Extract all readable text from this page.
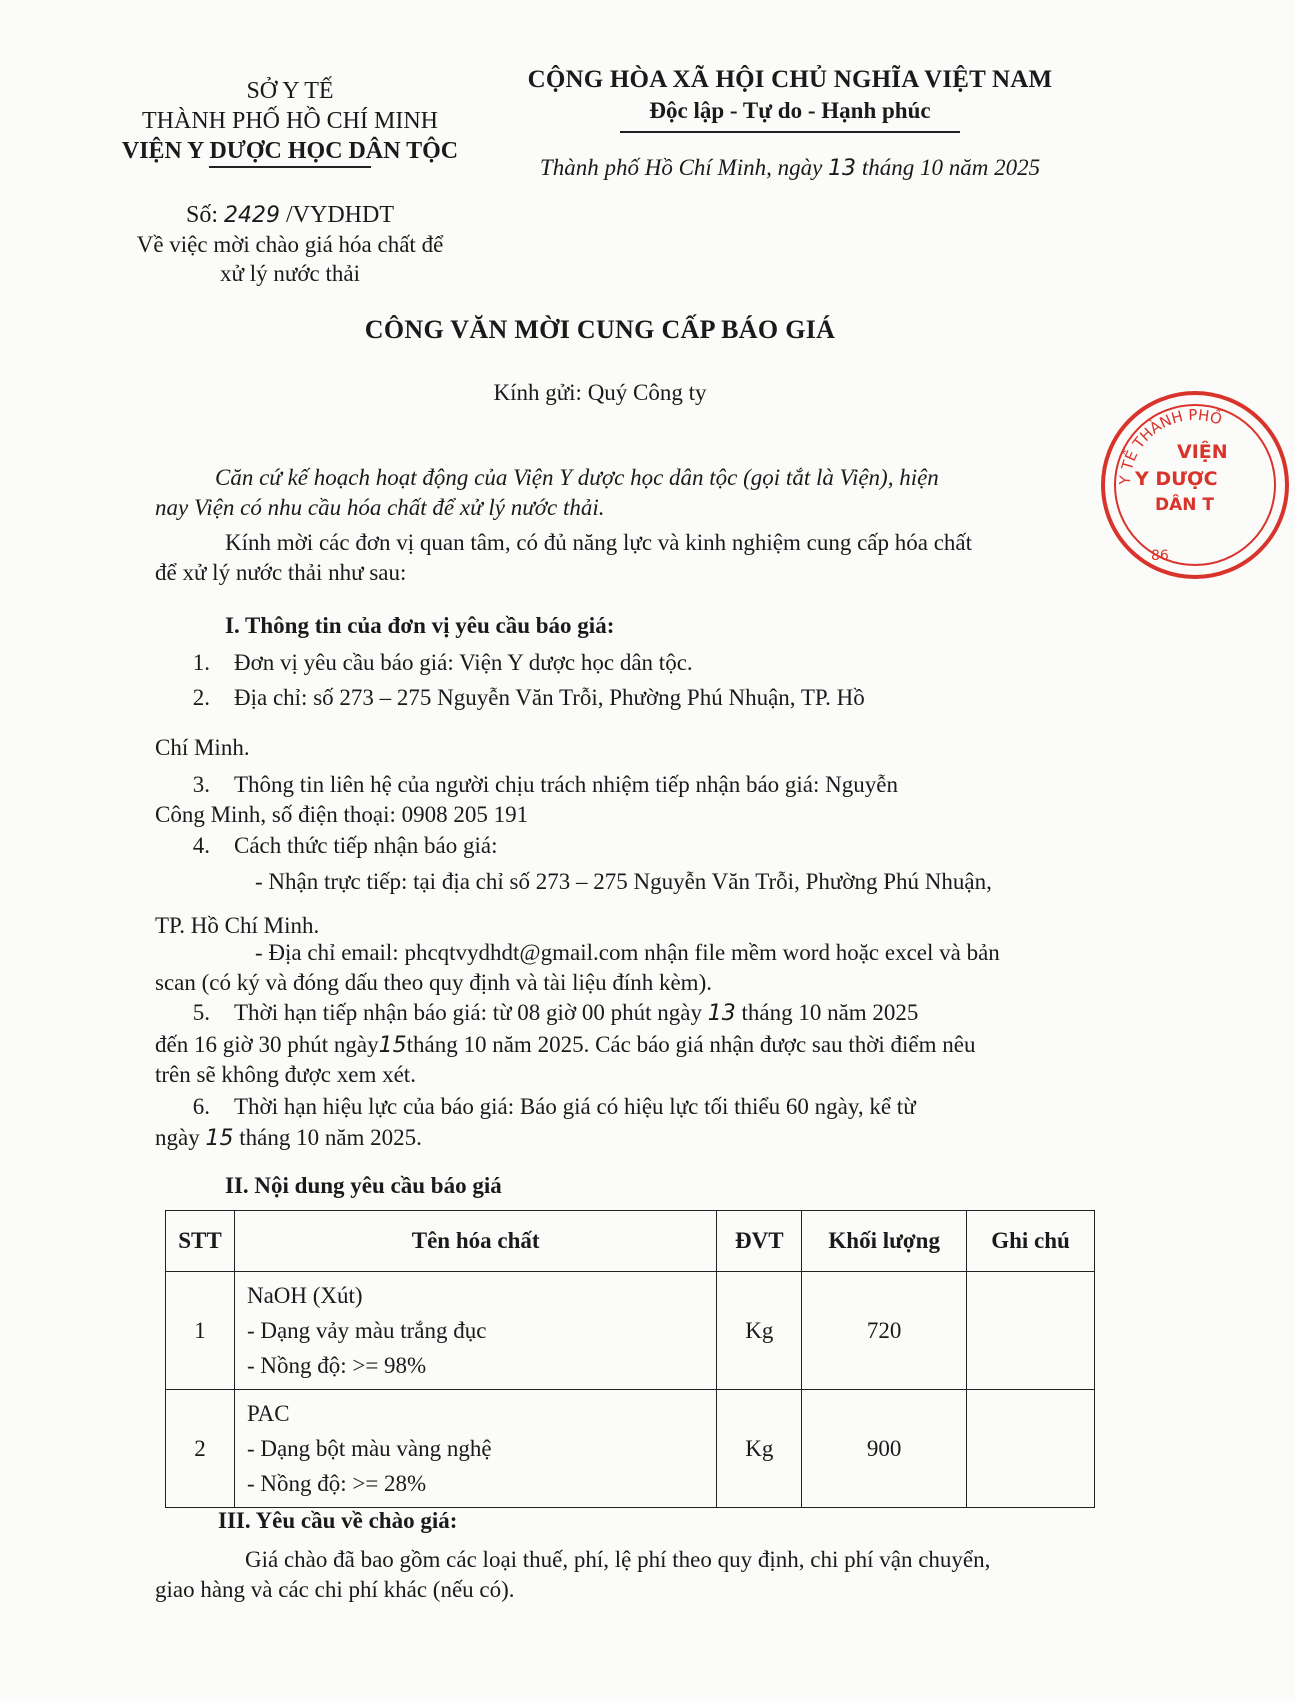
SỞ Y TẾ
THÀNH PHỐ HỒ CHÍ MINH
VIỆN Y DƯỢC HỌC DÂN TỘC
CỘNG HÒA XÃ HỘI CHỦ NGHĨA VIỆT NAM
Độc lập - Tự do - Hạnh phúc
Thành phố Hồ Chí Minh, ngày 13 tháng 10 năm 2025
Số: 2429 /VYDHDT
Về việc mời chào giá hóa chất để
xử lý nước thải
CÔNG VĂN MỜI CUNG CẤP BÁO GIÁ
Kính gửi: Quý Công ty
Căn cứ kế hoạch hoạt động của Viện Y dược học dân tộc (gọi tắt là Viện), hiện
nay Viện có nhu cầu hóa chất để xử lý nước thải.
Kính mời các đơn vị quan tâm, có đủ năng lực và kinh nghiệm cung cấp hóa chất
để xử lý nước thải như sau:
I. Thông tin của đơn vị yêu cầu báo giá:
1. Đơn vị yêu cầu báo giá: Viện Y dược học dân tộc.
2. Địa chỉ: số 273 – 275 Nguyễn Văn Trỗi, Phường Phú Nhuận, TP. Hồ
Chí Minh.
3. Thông tin liên hệ của người chịu trách nhiệm tiếp nhận báo giá: Nguyễn
Công Minh, số điện thoại: 0908 205 191
4. Cách thức tiếp nhận báo giá:
- Nhận trực tiếp: tại địa chỉ số 273 – 275 Nguyễn Văn Trỗi, Phường Phú Nhuận,
TP. Hồ Chí Minh.
- Địa chỉ email: phcqtvydhdt@gmail.com nhận file mềm word hoặc excel và bản
scan (có ký và đóng dấu theo quy định và tài liệu đính kèm).
5. Thời hạn tiếp nhận báo giá: từ 08 giờ 00 phút ngày 13 tháng 10 năm 2025
đến 16 giờ 30 phút ngày15tháng 10 năm 2025. Các báo giá nhận được sau thời điểm nêu
trên sẽ không được xem xét.
6. Thời hạn hiệu lực của báo giá: Báo giá có hiệu lực tối thiểu 60 ngày, kể từ
ngày 15 tháng 10 năm 2025.
II. Nội dung yêu cầu báo giá
STT	Tên hóa chất	ĐVT	Khối lượng	Ghi chú
1	NaOH (Xút)
- Dạng vảy màu trắng đục
- Nồng độ: >= 98%	Kg	720	
2	PAC
- Dạng bột màu vàng nghệ
- Nồng độ: >= 28%	Kg	900	
III. Yêu cầu về chào giá:
Giá chào đã bao gồm các loại thuế, phí, lệ phí theo quy định, chi phí vận chuyển,
giao hàng và các chi phí khác (nếu có).
Y TẾ THÀNH PHỐ
VIỆN
Y DƯỢC
DÂN T
86
